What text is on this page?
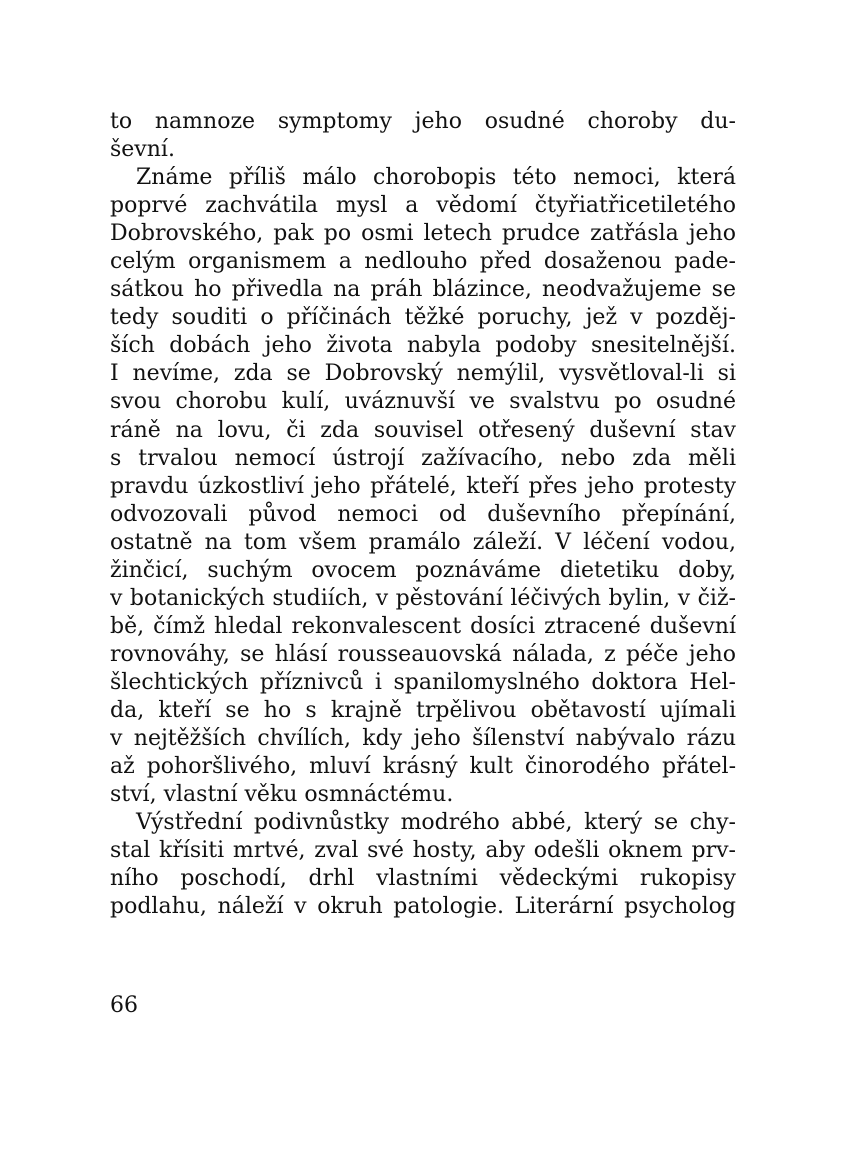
to namnoze symptomy jeho osudné choroby du-
ševní.
Známe příliš málo chorobopis této nemoci, která
poprvé zachvátila mysl a vědomí čtyřiatřicetiletého
Dobrovského, pak po osmi letech prudce zatřásla jeho
celým organismem a nedlouho před dosaženou pade-
sátkou ho přivedla na práh blázince, neodvažujeme se
tedy souditi o příčinách těžké poruchy, jež v pozděj-
ších dobách jeho života nabyla podoby snesitelnější.
I nevíme, zda se Dobrovský nemýlil, vysvětloval-li si
svou chorobu kulí, uváznuvší ve svalstvu po osudné
ráně na lovu, či zda souvisel otřesený duševní stav
s trvalou nemocí ústrojí zažívacího, nebo zda měli
pravdu úzkostliví jeho přátelé, kteří přes jeho protesty
odvozovali původ nemoci od duševního přepínání,
ostatně na tom všem pramálo záleží. V léčení vodou,
žinčicí, suchým ovocem poznáváme dietetiku doby,
v botanických studiích, v pěstování léčivých bylin, v čiž-
bě, čímž hledal rekonvalescent dosíci ztracené duševní
rovnováhy, se hlásí rousseauovská nálada, z péče jeho
šlechtických příznivců i spanilomyslného doktora Hel-
da, kteří se ho s krajně trpělivou obětavostí ujímali
v nejtěžších chvílích, kdy jeho šílenství nabývalo rázu
až pohoršlivého, mluví krásný kult činorodého přátel-
ství, vlastní věku osmnáctému.
Výstřední podivnůstky modrého abbé, který se chy-
stal křísiti mrtvé, zval své hosty, aby odešli oknem prv-
ního poschodí, drhl vlastními vědeckými rukopisy
podlahu, náleží v okruh patologie. Literární psycholog
66
